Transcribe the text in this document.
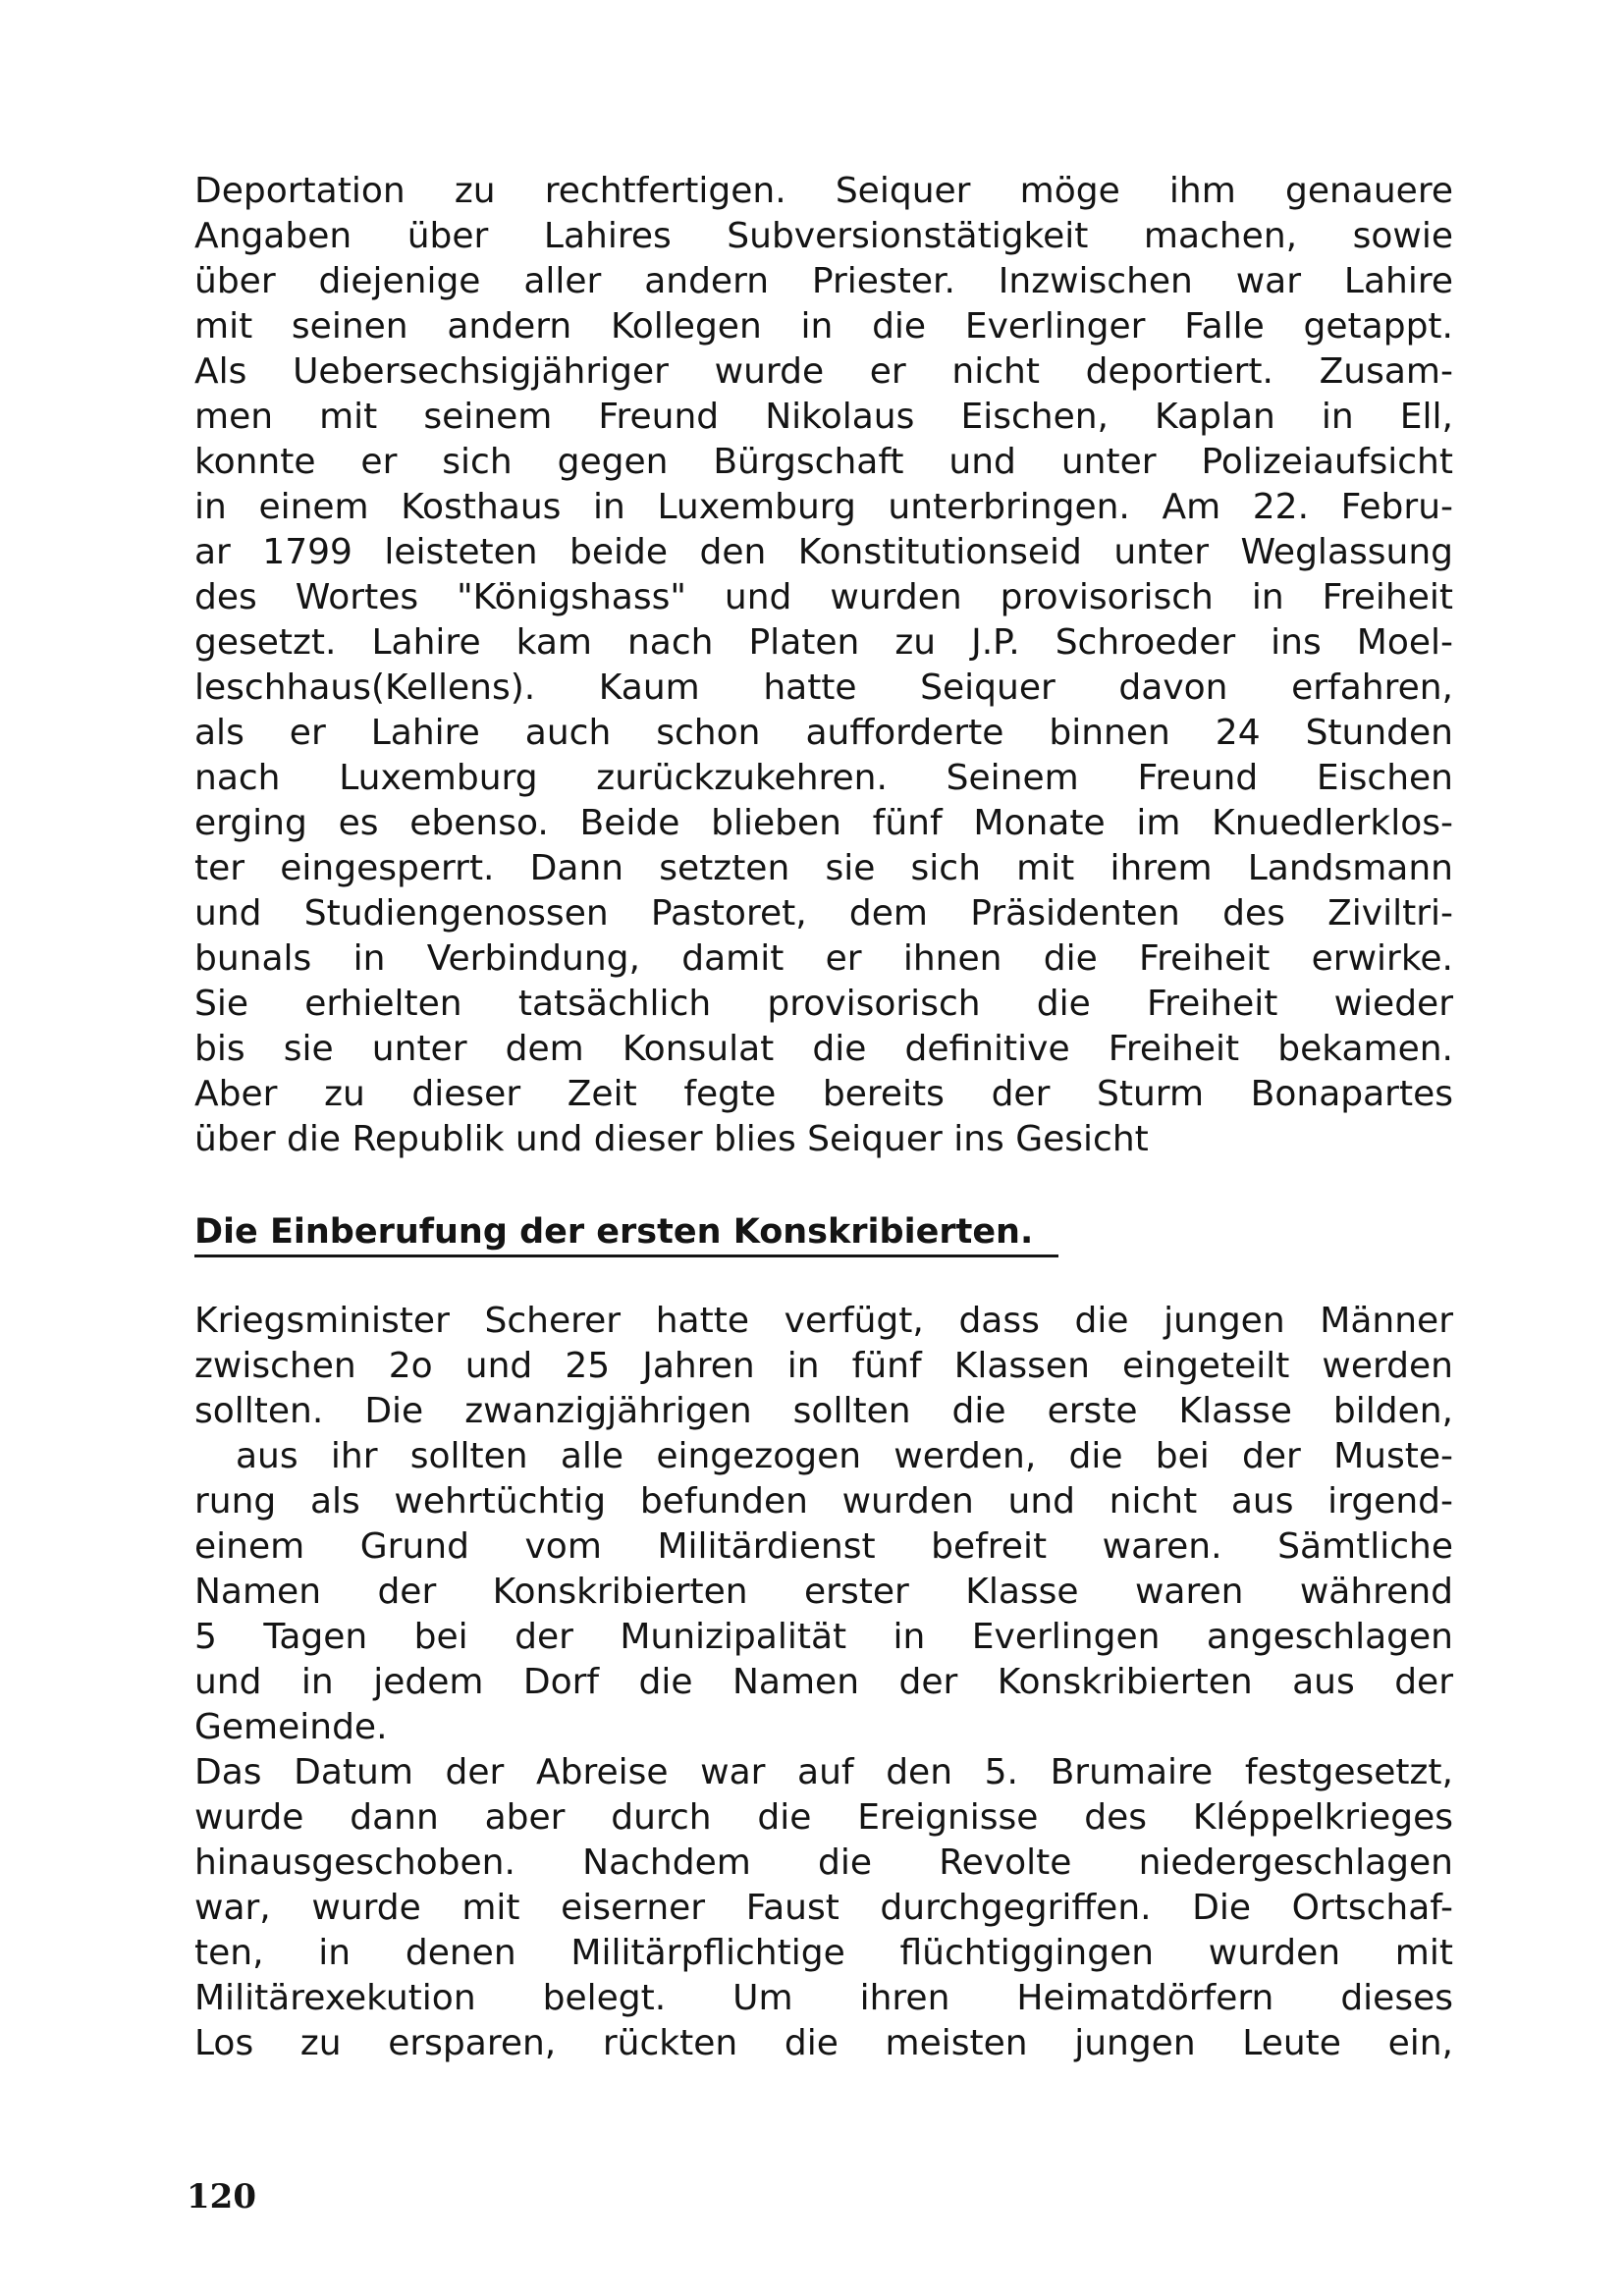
Deportation zu rechtfertigen. Seiquer möge ihm genauere
Angaben über Lahires Subversionstätigkeit machen, sowie
über diejenige aller andern Priester. Inzwischen war Lahire
mit seinen andern Kollegen in die Everlinger Falle getappt.
Als Uebersechsigjähriger wurde er nicht deportiert. Zusam-
men mit seinem Freund Nikolaus Eischen, Kaplan in Ell,
konnte er sich gegen Bürgschaft und unter Polizeiaufsicht
in einem Kosthaus in Luxemburg unterbringen. Am 22. Febru-
ar 1799 leisteten beide den Konstitutionseid unter Weglassung
des Wortes "Königshass" und wurden provisorisch in Freiheit
gesetzt. Lahire kam nach Platen zu J.P. Schroeder ins Moel-
leschhaus(Kellens). Kaum hatte Seiquer davon erfahren,
als er Lahire auch schon aufforderte binnen 24 Stunden
nach Luxemburg zurückzukehren. Seinem Freund Eischen
erging es ebenso. Beide blieben fünf Monate im Knuedlerklos-
ter eingesperrt. Dann setzten sie sich mit ihrem Landsmann
und Studiengenossen Pastoret, dem Präsidenten des Ziviltri-
bunals in Verbindung, damit er ihnen die Freiheit erwirke.
Sie erhielten tatsächlich provisorisch die Freiheit wieder
bis sie unter dem Konsulat die definitive Freiheit bekamen.
Aber zu dieser Zeit fegte bereits der Sturm Bonapartes
über die Republik und dieser blies Seiquer ins Gesicht
Die Einberufung der ersten Konskribierten.
Kriegsminister Scherer hatte verfügt, dass die jungen Männer
zwischen 2o und 25 Jahren in fünf Klassen eingeteilt werden
sollten. Die zwanzigjährigen sollten die erste Klasse bilden,
aus ihr sollten alle eingezogen werden, die bei der Muste-
rung als wehrtüchtig befunden wurden und nicht aus irgend-
einem Grund vom Militärdienst befreit waren. Sämtliche
Namen der Konskribierten erster Klasse waren während
5 Tagen bei der Munizipalität in Everlingen angeschlagen
und in jedem Dorf die Namen der Konskribierten aus der
Gemeinde.
Das Datum der Abreise war auf den 5. Brumaire festgesetzt,
wurde dann aber durch die Ereignisse des Kléppelkrieges
hinausgeschoben. Nachdem die Revolte niedergeschlagen
war, wurde mit eiserner Faust durchgegriffen. Die Ortschaf-
ten, in denen Militärpflichtige flüchtiggingen wurden mit
Militärexekution belegt. Um ihren Heimatdörfern dieses
Los zu ersparen, rückten die meisten jungen Leute ein,
120
